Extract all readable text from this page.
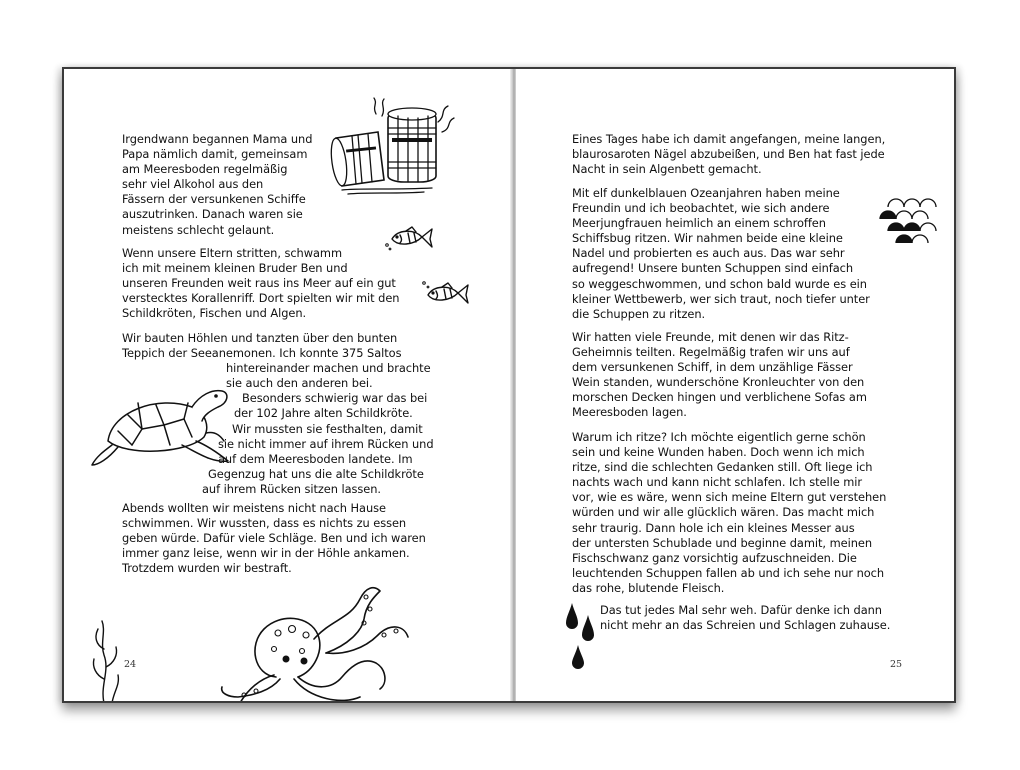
Irgendwann begannen Mama und
Papa nämlich damit, gemeinsam
am Meeresboden regelmäßig
sehr viel Alkohol aus den
Fässern der versunkenen Schiffe
auszutrinken. Danach waren sie
meistens schlecht gelaunt.
Wenn unsere Eltern stritten, schwamm
ich mit meinem kleinen Bruder Ben und
unseren Freunden weit raus ins Meer auf ein gut
verstecktes Korallenriff. Dort spielten wir mit den
Schildkröten, Fischen und Algen.
Wir bauten Höhlen und tanzten über den bunten
Teppich der Seeanemonen. Ich konnte 375 Saltos
hintereinander machen und brachte
sie auch den anderen bei.
Besonders schwierig war das bei
der 102 Jahre alten Schildkröte.
Wir mussten sie festhalten, damit
sie nicht immer auf ihrem Rücken und
auf dem Meeresboden landete. Im
Gegenzug hat uns die alte Schildkröte
auf ihrem Rücken sitzen lassen.
Abends wollten wir meistens nicht nach Hause
schwimmen. Wir wussten, dass es nichts zu essen
geben würde. Dafür viele Schläge. Ben und ich waren
immer ganz leise, wenn wir in der Höhle ankamen.
Trotzdem wurden wir bestraft.
24
Eines Tages habe ich damit angefangen, meine langen,
blaurosaroten Nägel abzubeißen, und Ben hat fast jede
Nacht in sein Algenbett gemacht.
Mit elf dunkelblauen Ozeanjahren haben meine
Freundin und ich beobachtet, wie sich andere
Meerjungfrauen heimlich an einem schroffen
Schiffsbug ritzen. Wir nahmen beide eine kleine
Nadel und probierten es auch aus. Das war sehr
aufregend! Unsere bunten Schuppen sind einfach
so weggeschwommen, und schon bald wurde es ein
kleiner Wettbewerb, wer sich traut, noch tiefer unter
die Schuppen zu ritzen.
Wir hatten viele Freunde, mit denen wir das Ritz-
Geheimnis teilten. Regelmäßig trafen wir uns auf
dem versunkenen Schiff, in dem unzählige Fässer
Wein standen, wunderschöne Kronleuchter von den
morschen Decken hingen und verblichene Sofas am
Meeresboden lagen.
Warum ich ritze? Ich möchte eigentlich gerne schön
sein und keine Wunden haben. Doch wenn ich mich
ritze, sind die schlechten Gedanken still. Oft liege ich
nachts wach und kann nicht schlafen. Ich stelle mir
vor, wie es wäre, wenn sich meine Eltern gut verstehen
würden und wir alle glücklich wären. Das macht mich
sehr traurig. Dann hole ich ein kleines Messer aus
der untersten Schublade und beginne damit, meinen
Fischschwanz ganz vorsichtig aufzuschneiden. Die
leuchtenden Schuppen fallen ab und ich sehe nur noch
das rohe, blutende Fleisch.
Das tut jedes Mal sehr weh. Dafür denke ich dann
nicht mehr an das Schreien und Schlagen zuhause.
25
